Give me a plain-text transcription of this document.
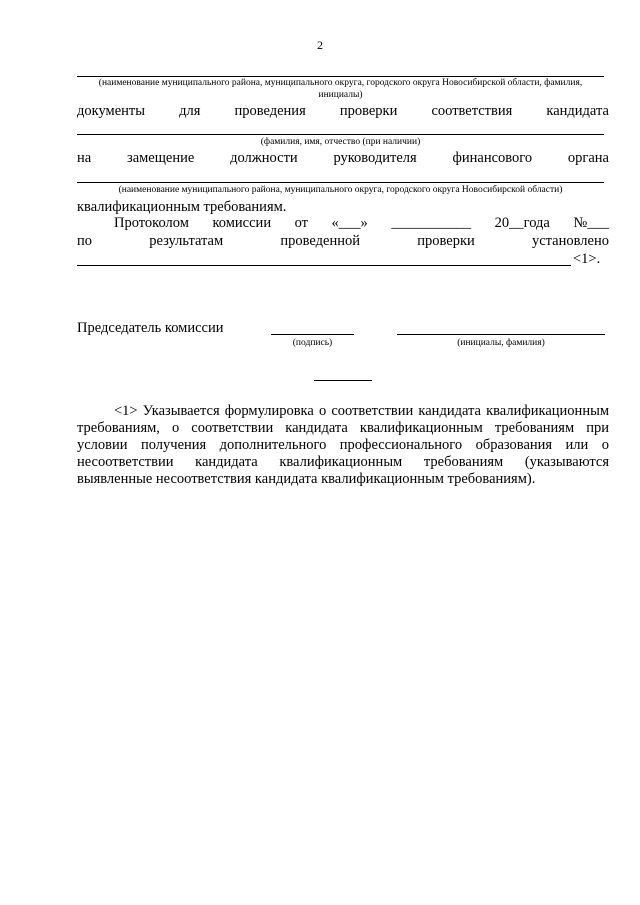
2
(наименование муниципального района, муниципального округа, городского округа Новосибирской области, фамилия, инициалы)
документы для проведения проверки соответствия кандидата
(фамилия, имя, отчество (при наличии)
на замещение должности руководителя финансового органа
(наименование муниципального района, муниципального округа, городского округа Новосибирской области)
квалификационным требованиям.
Протоколом комиссии от «___» ___________ 20__года №___
по	результатам	проведенной	проверки	установлено
<1>.
Председатель комиссии
(подпись)	(инициалы, фамилия)
<1> Указывается формулировка о соответствии кандидата квалификационным требованиям, о соответствии кандидата квалификационным требованиям при условии получения дополнительного профессионального образования или о несоответствии кандидата квалификационным требованиям (указываются выявленные несоответствия кандидата квалификационным требованиям).
